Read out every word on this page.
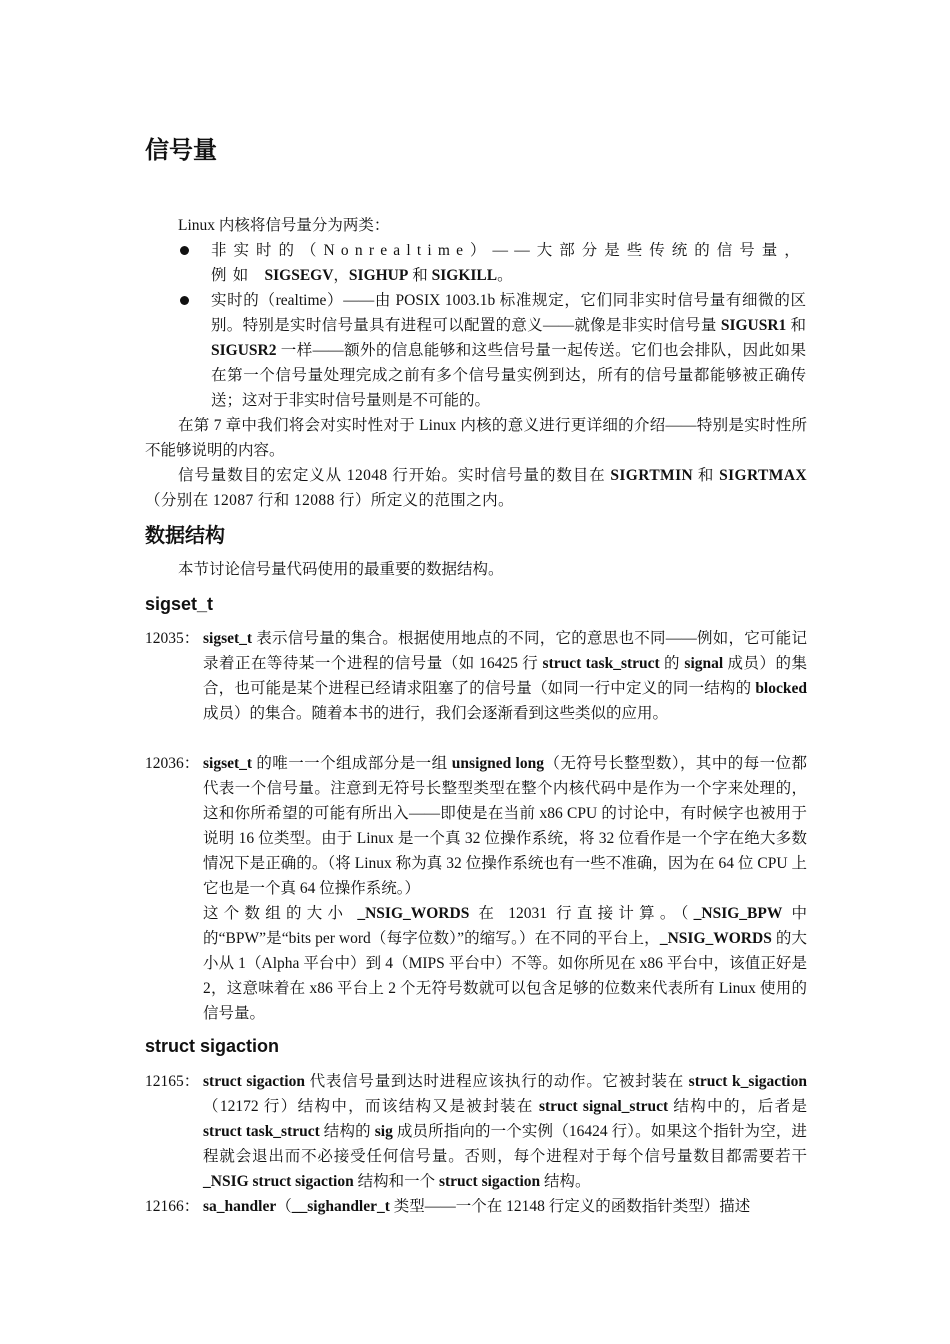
信号量

Linux 内核将信号量分为两类：

非实时的（Nonrealtime）——大部分是些传统的信号量，例如 SIGSEGV，SIGHUP 和 SIGKILL。
实时的（realtime）——由 POSIX 1003.1b 标准规定，它们同非实时信号量有细微的区别。特别是实时信号量具有进程可以配置的意义——就像是非实时信号量 SIGUSR1 和 SIGUSR2 一样——额外的信息能够和这些信号量一起传送。它们也会排队，因此如果在第一个信号量处理完成之前有多个信号量实例到达，所有的信号量都能够被正确传送；这对于非实时信号量则是不可能的。

在第 7 章中我们将会对实时性对于 Linux 内核的意义进行更详细的介绍——特别是实时性所不能够说明的内容。

信号量数目的宏定义从 12048 行开始。实时信号量的数目在 SIGRTMIN 和 SIGRTMAX（分别在 12087 行和 12088 行）所定义的范围之内。

数据结构

本节讨论信号量代码使用的最重要的数据结构。

sigset_t
12035： sigset_t 表示信号量的集合。根据使用地点的不同，它的意思也不同——例如，它可能记录着正在等待某一个进程的信号量（如 16425 行 struct task_struct 的 signal 成员）的集合，也可能是某个进程已经请求阻塞了的信号量（如同一行中定义的同一结构的 blocked 成员）的集合。随着本书的进行，我们会逐渐看到这些类似的应用。

12036： sigset_t 的唯一一个组成部分是一组 unsigned long（无符号长整型数），其中的每一位都代表一个信号量。注意到无符号长整型类型在整个内核代码中是作为一个字来处理的，这和你所希望的可能有所出入——即使是在当前 x86 CPU 的讨论中，有时候字也被用于说明 16 位类型。由于 Linux 是一个真 32 位操作系统，将 32 位看作是一个字在绝大多数情况下是正确的。（将 Linux 称为真 32 位操作系统也有一些不准确，因为在 64 位 CPU 上它也是一个真 64 位操作系统。）

这个数组的大小 _NSIG_WORDS 在 12031 行直接计算。（_NSIG_BPW 中的“BPW”是“bits per word（每字位数）”的缩写。）在不同的平台上，_NSIG_WORDS 的大小从 1（Alpha 平台中）到 4（MIPS 平台中）不等。如你所见在 x86 平台中，该值正好是 2，这意味着在 x86 平台上 2 个无符号数就可以包含足够的位数来代表所有 Linux 使用的信号量。

struct sigaction
12165： struct sigaction 代表信号量到达时进程应该执行的动作。它被封装在 struct k_sigaction（12172 行）结构中，而该结构又是被封装在 struct signal_struct 结构中的，后者是 struct task_struct 结构的 sig 成员所指向的一个实例（16424 行）。如果这个指针为空，进程就会退出而不必接受任何信号量。否则，每个进程对于每个信号量数目都需要若干 _NSIG struct sigaction 结构和一个 struct sigaction 结构。

12166： sa_handler（__sighandler_t 类型——一个在 12148 行定义的函数指针类型）描述
